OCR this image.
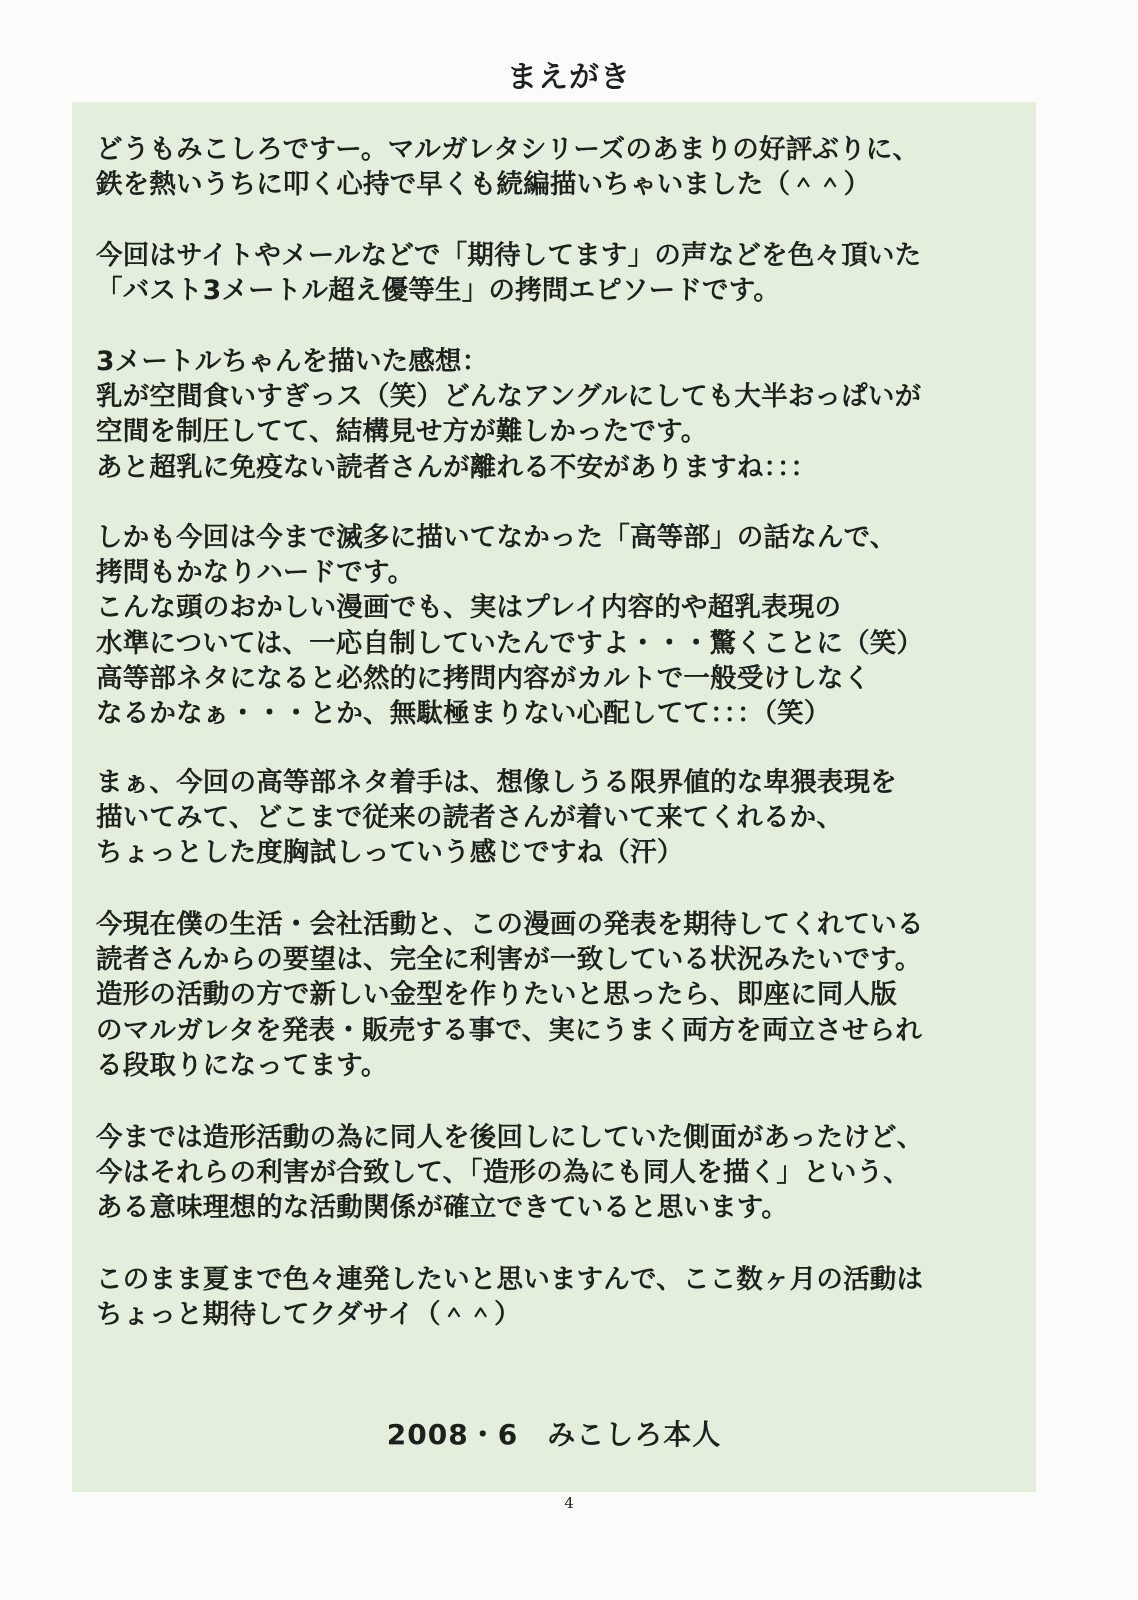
まえがき
どうもみこしろですー。マルガレタシリーズのあまりの好評ぶりに、
鉄を熱いうちに叩く心持で早くも続編描いちゃいました（＾＾）
今回はサイトやメールなどで「期待してます」の声などを色々頂いた
「バスト3メートル超え優等生」の拷問エピソードです。
3メートルちゃんを描いた感想：
乳が空間食いすぎっス（笑）どんなアングルにしても大半おっぱいが
空間を制圧してて、結構見せ方が難しかったです。
あと超乳に免疫ない読者さんが離れる不安がありますね：：：
しかも今回は今まで滅多に描いてなかった「高等部」の話なんで、
拷問もかなりハードです。
こんな頭のおかしい漫画でも、実はプレイ内容的や超乳表現の
水準については、一応自制していたんですよ・・・驚くことに（笑）
高等部ネタになると必然的に拷問内容がカルトで一般受けしなく
なるかなぁ・・・とか、無駄極まりない心配してて：：：（笑）
まぁ、今回の高等部ネタ着手は、想像しうる限界値的な卑猥表現を
描いてみて、どこまで従来の読者さんが着いて来てくれるか、
ちょっとした度胸試しっていう感じですね（汗）
今現在僕の生活・会社活動と、この漫画の発表を期待してくれている
読者さんからの要望は、完全に利害が一致している状況みたいです。
造形の活動の方で新しい金型を作りたいと思ったら、即座に同人版
のマルガレタを発表・販売する事で、実にうまく両方を両立させられ
る段取りになってます。
今までは造形活動の為に同人を後回しにしていた側面があったけど、
今はそれらの利害が合致して、「造形の為にも同人を描く」という、
ある意味理想的な活動関係が確立できていると思います。
このまま夏まで色々連発したいと思いますんで、ここ数ヶ月の活動は
ちょっと期待してクダサイ（＾＾）
2008・6　みこしろ本人
4
